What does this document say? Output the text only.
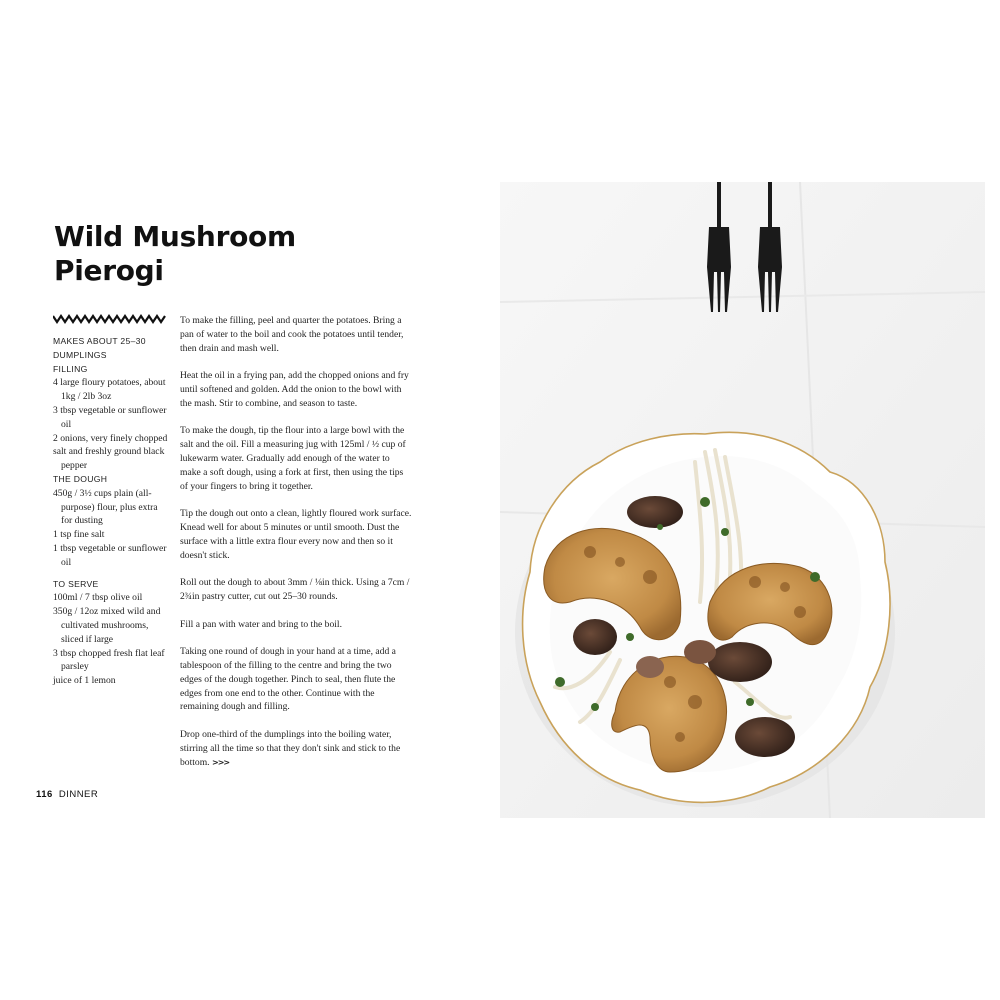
Wild Mushroom
Pierogi
MAKES ABOUT 25–30 DUMPLINGS
FILLING
4 large floury potatoes, about 1kg / 2lb 3oz
3 tbsp vegetable or sunflower oil
2 onions, very finely chopped
salt and freshly ground black pepper
THE DOUGH
450g / 3½ cups plain (all-purpose) flour, plus extra for dusting
1 tsp fine salt
1 tbsp vegetable or sunflower oil
TO SERVE
100ml / 7 tbsp olive oil
350g / 12oz mixed wild and cultivated mushrooms, sliced if large
3 tbsp chopped fresh flat leaf parsley
juice of 1 lemon

To make the filling, peel and quarter the potatoes. Bring a pan of water to the boil and cook the potatoes until tender, then drain and mash well.

Heat the oil in a frying pan, add the chopped onions and fry until softened and golden. Add the onion to the bowl with the mash. Stir to combine, and season to taste.

To make the dough, tip the flour into a large bowl with the salt and the oil. Fill a measuring jug with 125ml / ½ cup of lukewarm water. Gradually add enough of the water to make a soft dough, using a fork at first, then using the tips of your fingers to bring it together.

Tip the dough out onto a clean, lightly floured work surface. Knead well for about 5 minutes or until smooth. Dust the surface with a little extra flour every now and then so it doesn't stick.

Roll out the dough to about 3mm / ⅛in thick. Using a 7cm / 2¾in pastry cutter, cut out 25–30 rounds.

Fill a pan with water and bring to the boil.

Taking one round of dough in your hand at a time, add a tablespoon of the filling to the centre and bring the two edges of the dough together. Pinch to seal, then flute the edges from one end to the other. Continue with the remaining dough and filling.

Drop one-third of the dumplings into the boiling water, stirring all the time so that they don't sink and stick to the bottom. >>>

116 DINNER
